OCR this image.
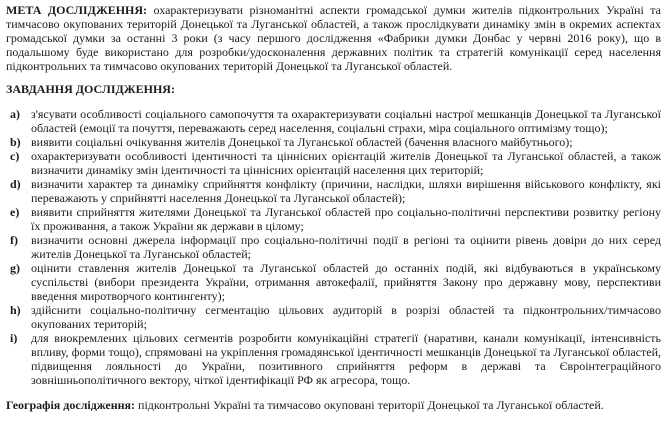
МЕТА ДОСЛІДЖЕННЯ: охарактеризувати різноманітні аспекти громадської думки жителів підконтрольних Україні та тимчасово окупованих територій Донецької та Луганської областей, а також прослідкувати динаміку змін в окремих аспектах громадської думки за останні 3 роки (з часу першого дослідження «Фабрики думки Донбас у червні 2016 року), що в подальшому буде використано для розробки/удосконалення державних політик та стратегій комунікації серед населення підконтрольних та тимчасово окупованих територій Донецької та Луганської областей.

ЗАВДАННЯ ДОСЛІДЖЕННЯ:

a) з'ясувати особливості соціального самопочуття та охарактеризувати соціальні настрої мешканців Донецької та Луганської областей (емоції та почуття, переважають серед населення, соціальні страхи, міра соціального оптимізму тощо);
b) виявити соціальні очікування жителів Донецької та Луганської областей (бачення власного майбутнього);
c) охарактеризувати особливості ідентичності та ціннісних орієнтацій жителів Донецької та Луганської областей, а також визначити динаміку змін ідентичності та ціннісних орієнтацій населення цих територій;
d) визначити характер та динаміку сприйняття конфлікту (причини, наслідки, шляхи вирішення військового конфлікту, які переважають у сприйнятті населення Донецької та Луганської областей);
e) виявити сприйняття жителями Донецької та Луганської областей про соціально-політичні перспективи розвитку регіону їх проживання, а також України як держави в цілому;
f) визначити основні джерела інформації про соціально-політичні події в регіоні та оцінити рівень довіри до них серед жителів Донецької та Луганської областей;
g) оцінити ставлення жителів Донецької та Луганської областей до останніх подій, які відбуваються в українському суспільстві (вибори президента України, отримання автокефалії, прийняття Закону про державну мову, перспективи введення миротворчого контингенту);
h) здійснити соціально-політичну сегментацію цільових аудиторій в розрізі областей та підконтрольних/тимчасово окупованих територій;
i) для виокремлених цільових сегментів розробити комунікаційні стратегії (наративи, канали комунікації, інтенсивність впливу, форми тощо), спрямовані на укріплення громадянської ідентичності мешканців Донецької та Луганської областей, підвищення лояльності до України, позитивного сприйняття реформ в державі та Євроінтеграційного зовнішньополітичного вектору, чіткої ідентифікації РФ як агресора, тощо.

Географія дослідження: підконтрольні Україні та тимчасово окуповані території Донецької та Луганської областей.
